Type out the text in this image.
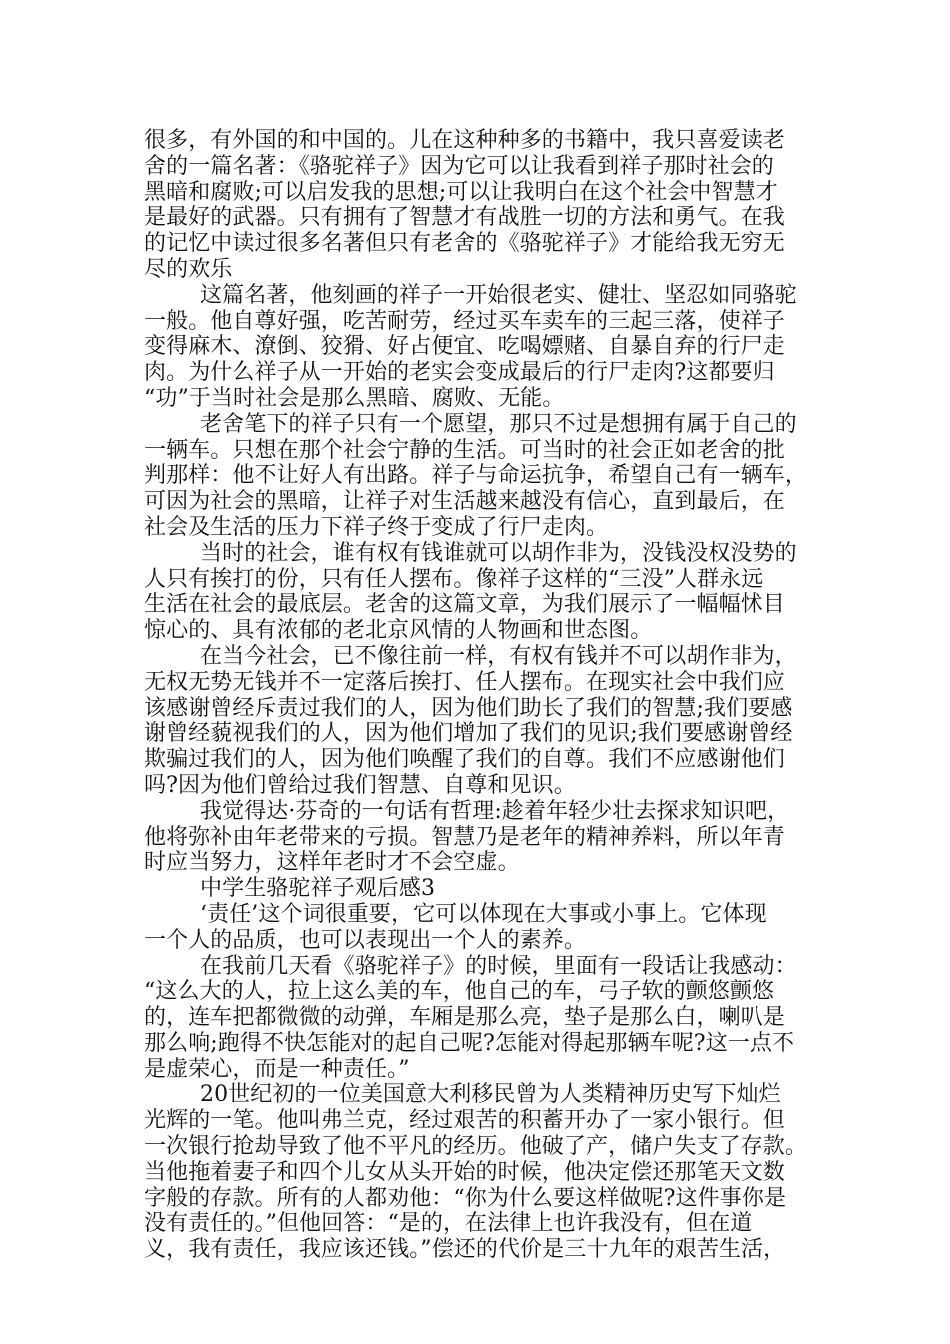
很多，有外国的和中国的。儿在这种种多的书籍中，我只喜爱读老
舍的一篇名著：《骆驼祥子》因为它可以让我看到祥子那时社会的
黑暗和腐败;可以启发我的思想;可以让我明白在这个社会中智慧才
是最好的武器。只有拥有了智慧才有战胜一切的方法和勇气。在我
的记忆中读过很多名著但只有老舍的《骆驼祥子》才能给我无穷无
尽的欢乐
这篇名著，他刻画的祥子一开始很老实、健壮、坚忍如同骆驼
一般。他自尊好强，吃苦耐劳，经过买车卖车的三起三落，使祥子
变得麻木、潦倒、狡猾、好占便宜、吃喝嫖赌、自暴自弃的行尸走
肉。为什么祥子从一开始的老实会变成最后的行尸走肉?这都要归
“功”于当时社会是那么黑暗、腐败、无能。
老舍笔下的祥子只有一个愿望，那只不过是想拥有属于自己的
一辆车。只想在那个社会宁静的生活。可当时的社会正如老舍的批
判那样：他不让好人有出路。祥子与命运抗争，希望自己有一辆车，
可因为社会的黑暗，让祥子对生活越来越没有信心，直到最后，在
社会及生活的压力下祥子终于变成了行尸走肉。
当时的社会，谁有权有钱谁就可以胡作非为，没钱没权没势的
人只有挨打的份，只有任人摆布。像祥子这样的“三没”人群永远
生活在社会的最底层。老舍的这篇文章，为我们展示了一幅幅怵目
惊心的、具有浓郁的老北京风情的人物画和世态图。
在当今社会，已不像往前一样，有权有钱并不可以胡作非为，
无权无势无钱并不一定落后挨打、任人摆布。在现实社会中我们应
该感谢曾经斥责过我们的人，因为他们助长了我们的智慧;我们要感
谢曾经藐视我们的人，因为他们增加了我们的见识;我们要感谢曾经
欺骗过我们的人，因为他们唤醒了我们的自尊。我们不应感谢他们
吗?因为他们曾给过我们智慧、自尊和见识。
我觉得达·芬奇的一句话有哲理:趁着年轻少壮去探求知识吧，
他将弥补由年老带来的亏损。智慧乃是老年的精神养料，所以年青
时应当努力，这样年老时才不会空虚。
中学生骆驼祥子观后感3
‘责任’这个词很重要，它可以体现在大事或小事上。它体现
一个人的品质，也可以表现出一个人的素养。
在我前几天看《骆驼祥子》的时候，里面有一段话让我感动：
“这么大的人，拉上这么美的车，他自己的车，弓子软的颤悠颤悠
的，连车把都微微的动弹，车厢是那么亮，垫子是那么白，喇叭是
那么响;跑得不快怎能对的起自己呢?怎能对得起那辆车呢?这一点不
是虚荣心，而是一种责任。”
20世纪初的一位美国意大利移民曾为人类精神历史写下灿烂
光辉的一笔。他叫弗兰克，经过艰苦的积蓄开办了一家小银行。但
一次银行抢劫导致了他不平凡的经历。他破了产，储户失支了存款。
当他拖着妻子和四个儿女从头开始的时候，他决定偿还那笔天文数
字般的存款。所有的人都劝他：“你为什么要这样做呢?这件事你是
没有责任的。”但他回答：“是的，在法律上也许我没有，但在道
义，我有责任，我应该还钱。”偿还的代价是三十九年的艰苦生活，
